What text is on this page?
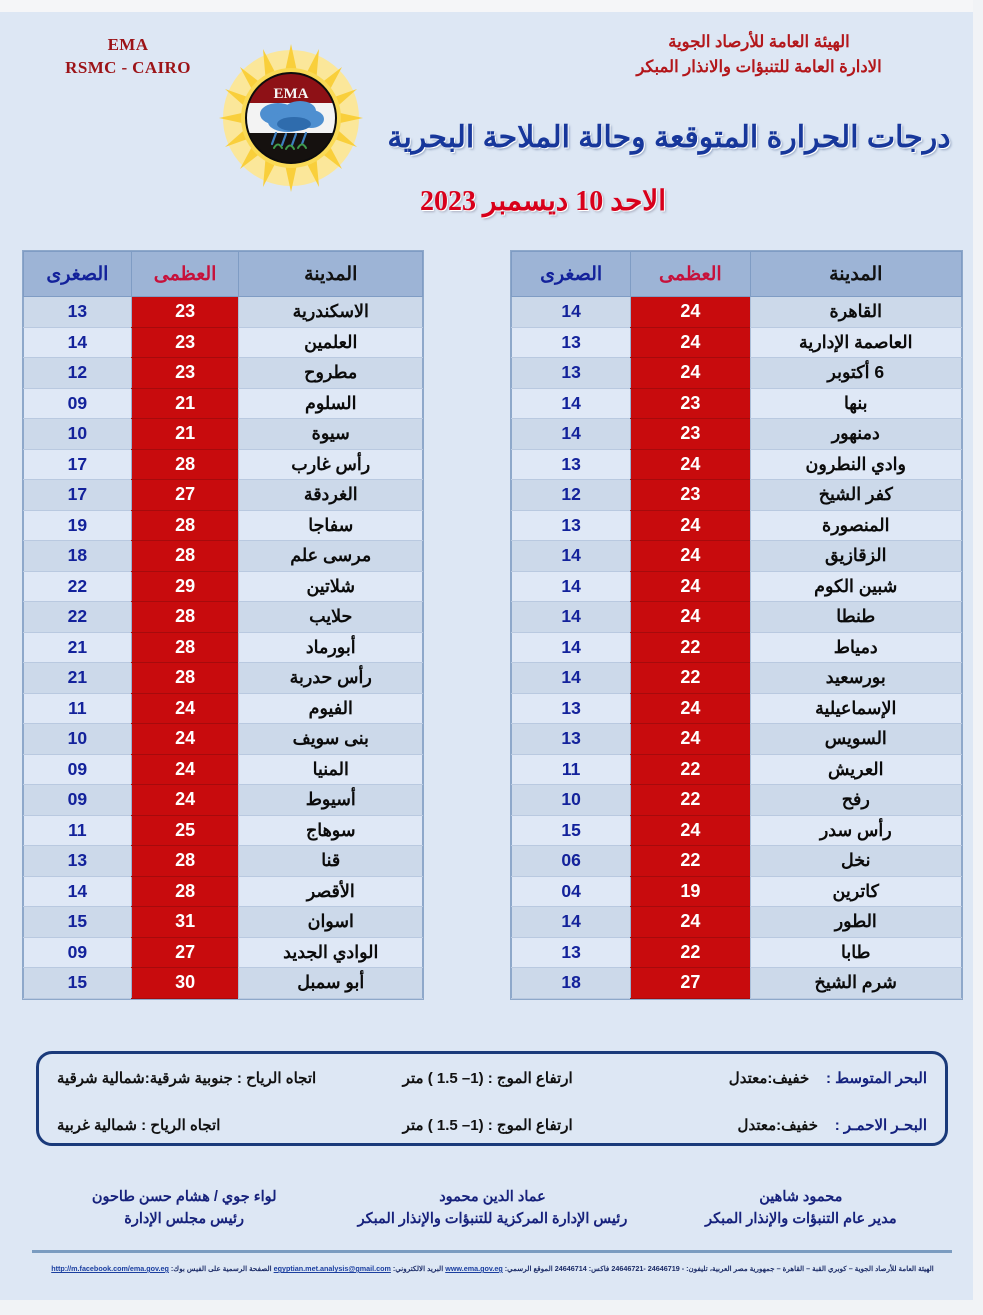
EMA
RSMC - CAIRO
EMA
الهيئة العامة للأرصاد الجوية
الادارة العامة للتنبؤات والانذار المبكر
درجات الحرارة المتوقعة وحالة الملاحة البحرية
الاحد 10 ديسمبر 2023
المدينة	العظمى	الصغرى
الاسكندرية	23	13
العلمين	23	14
مطروح	23	12
السلوم	21	09
سيوة	21	10
رأس غارب	28	17
الغردقة	27	17
سفاجا	28	19
مرسى علم	28	18
شلاتين	29	22
حلايب	28	22
أبورماد	28	21
رأس حدربة	28	21
الفيوم	24	11
بنى سويف	24	10
المنيا	24	09
أسيوط	24	09
سوهاج	25	11
قنا	28	13
الأقصر	28	14
اسوان	31	15
الوادي الجديد	27	09
أبو سمبل	30	15
المدينة	العظمى	الصغرى
القاهرة	24	14
العاصمة الإدارية	24	13
6 أكتوبر	24	13
بنها	23	14
دمنهور	23	14
وادي النطرون	24	13
كفر الشيخ	23	12
المنصورة	24	13
الزقازيق	24	14
شبين الكوم	24	14
طنطا	24	14
دمياط	22	14
بورسعيد	22	14
الإسماعيلية	24	13
السويس	24	13
العريش	22	11
رفح	22	10
رأس سدر	24	15
نخل	22	06
كاترين	19	04
الطور	24	14
طابا	22	13
شرم الشيخ	27	18
البحر المتوسط :    خفيف:معتدل
ارتفاع الموج : (1– 1.5 ) متر
اتجاه الرياح : جنوبية شرقية:شمالية شرقية
البحـر الاحمـر :    خفيف:معتدل
ارتفاع الموج : (1– 1.5 ) متر
اتجاه الرياح : شمالية غربية
محمود شاهين
مدير عام التنبؤات والإنذار المبكر
عماد الدين محمود
رئيس الإدارة المركزية للتنبؤات والإنذار المبكر
لواء جوي / هشام حسن طاحون
رئيس مجلس الإدارة
الهيئة العامة للأرصاد الجوية – كوبري القبة – القاهرة – جمهورية مصر العربية، تليفون: - 24646719 -24646721 فاكس: 24646714 الموقع الرسمي: www.ema.gov.eg البريد الالكتروني: egyptian.met.analysis@gmail.com الصفحة الرسمية على الفيس بوك: http://m.facebook.com/ema.gov.eg
